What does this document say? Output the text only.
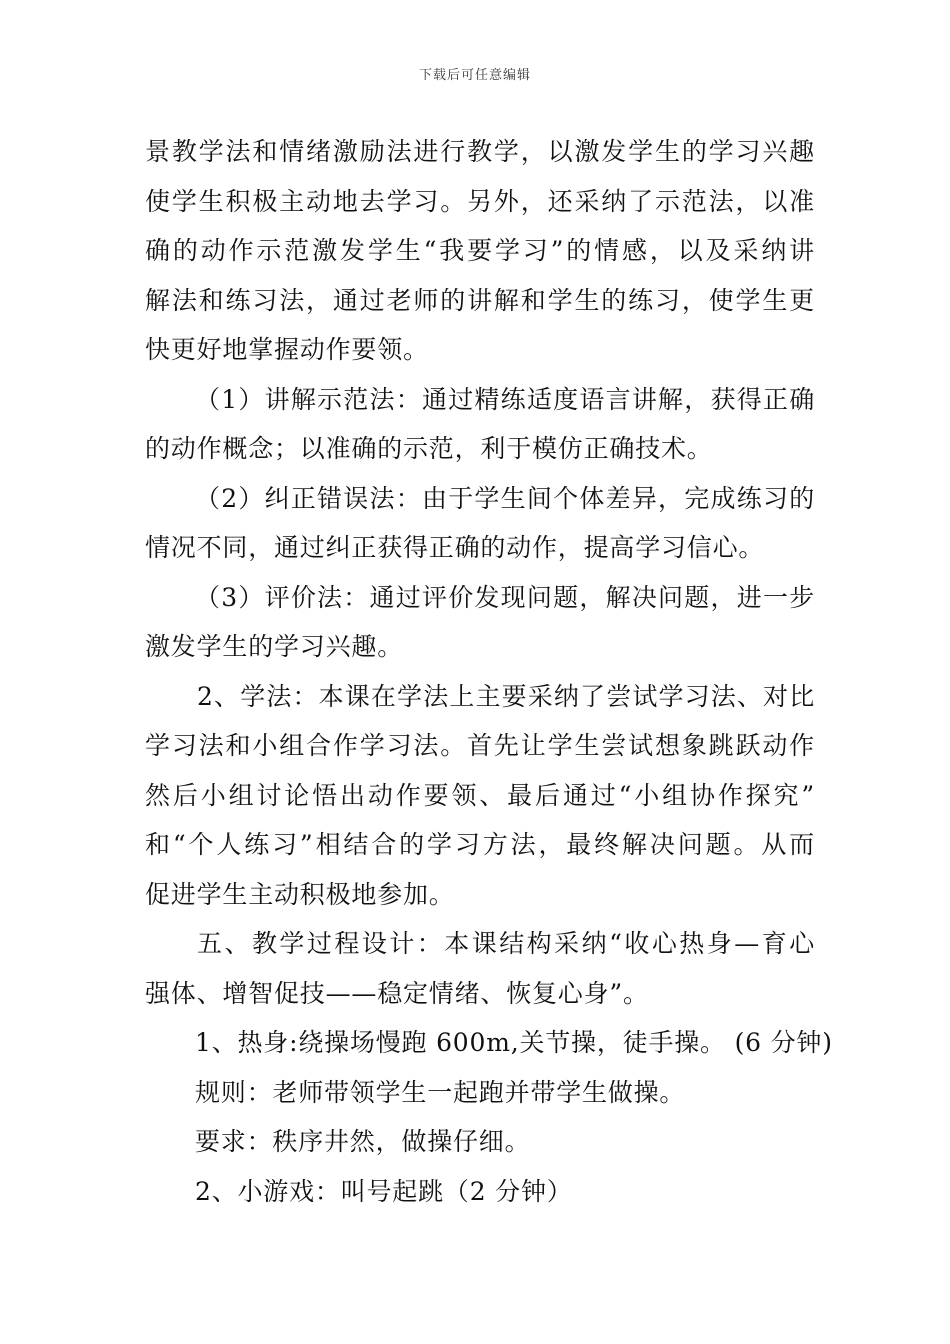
下载后可任意编辑
景教学法和情绪激励法进行教学，以激发学生的学习兴趣
使学生积极主动地去学习。另外，还采纳了示范法，以准
确的动作示范激发学生“我要学习”的情感，以及采纳讲
解法和练习法，通过老师的讲解和学生的练习，使学生更
快更好地掌握动作要领。
（1）讲解示范法：通过精练适度语言讲解，获得正确
的动作概念；以准确的示范，利于模仿正确技术。
（2）纠正错误法：由于学生间个体差异，完成练习的
情况不同，通过纠正获得正确的动作，提高学习信心。
（3）评价法：通过评价发现问题，解决问题，进一步
激发学生的学习兴趣。
2、学法：本课在学法上主要采纳了尝试学习法、对比
学习法和小组合作学习法。首先让学生尝试想象跳跃动作
然后小组讨论悟出动作要领、最后通过“小组协作探究”
和“个人练习”相结合的学习方法，最终解决问题。从而
促进学生主动积极地参加。
五、教学过程设计：本课结构采纳“收心热身—育心
强体、增智促技——稳定情绪、恢复心身”。
1、热身:绕操场慢跑 600m,关节操，徒手操。 (6 分钟)
规则：老师带领学生一起跑并带学生做操。
要求：秩序井然，做操仔细。
2、小游戏：叫号起跳（2 分钟）
